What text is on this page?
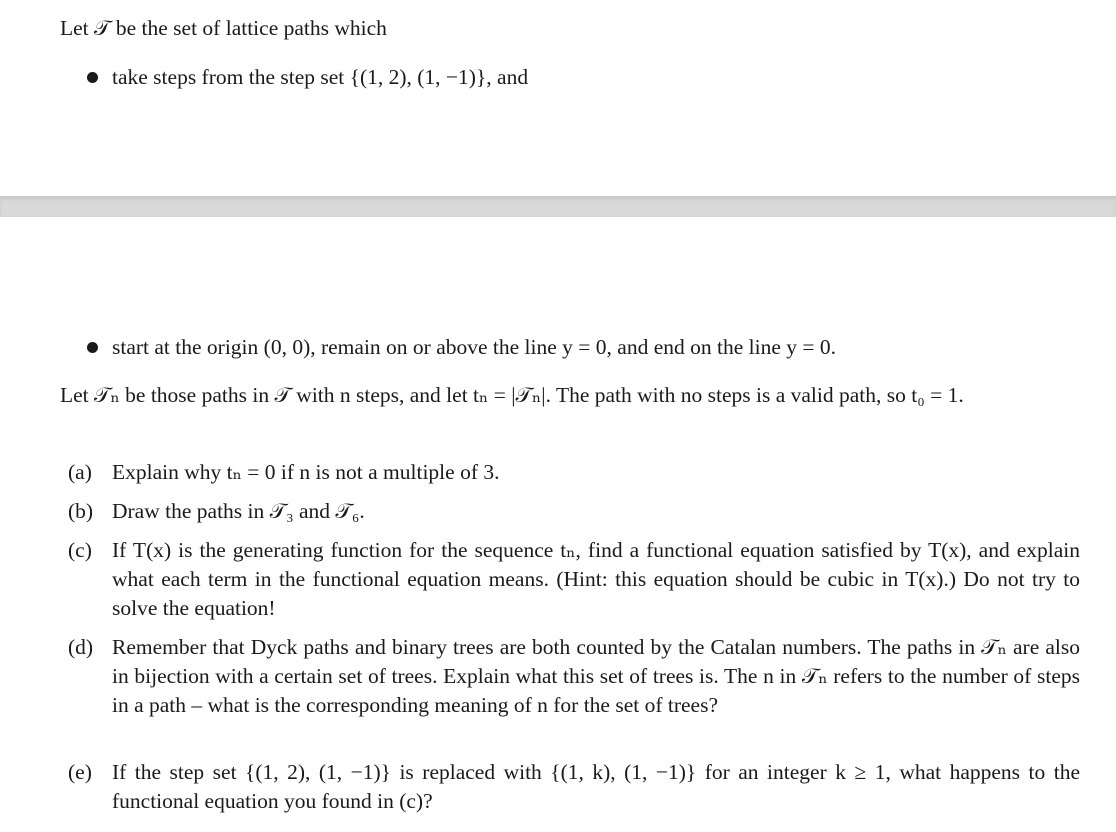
Let 𝒯 be the set of lattice paths which
take steps from the step set {(1, 2), (1, −1)}, and
start at the origin (0, 0), remain on or above the line y = 0, and end on the line y = 0.
Let 𝒯ₙ be those paths in 𝒯 with n steps, and let tₙ = |𝒯ₙ|. The path with no steps is a valid path, so t₀ = 1.
(a) Explain why tₙ = 0 if n is not a multiple of 3.
(b) Draw the paths in 𝒯₃ and 𝒯₆.
(c) If T(x) is the generating function for the sequence tₙ, find a functional equation satisfied by T(x), and explain what each term in the functional equation means. (Hint: this equation should be cubic in T(x).) Do not try to solve the equation!
(d) Remember that Dyck paths and binary trees are both counted by the Catalan numbers. The paths in 𝒯ₙ are also in bijection with a certain set of trees. Explain what this set of trees is. The n in 𝒯ₙ refers to the number of steps in a path – what is the corresponding meaning of n for the set of trees?
(e) If the step set {(1, 2), (1, −1)} is replaced with {(1, k), (1, −1)} for an integer k ≥ 1, what happens to the functional equation you found in (c)?
